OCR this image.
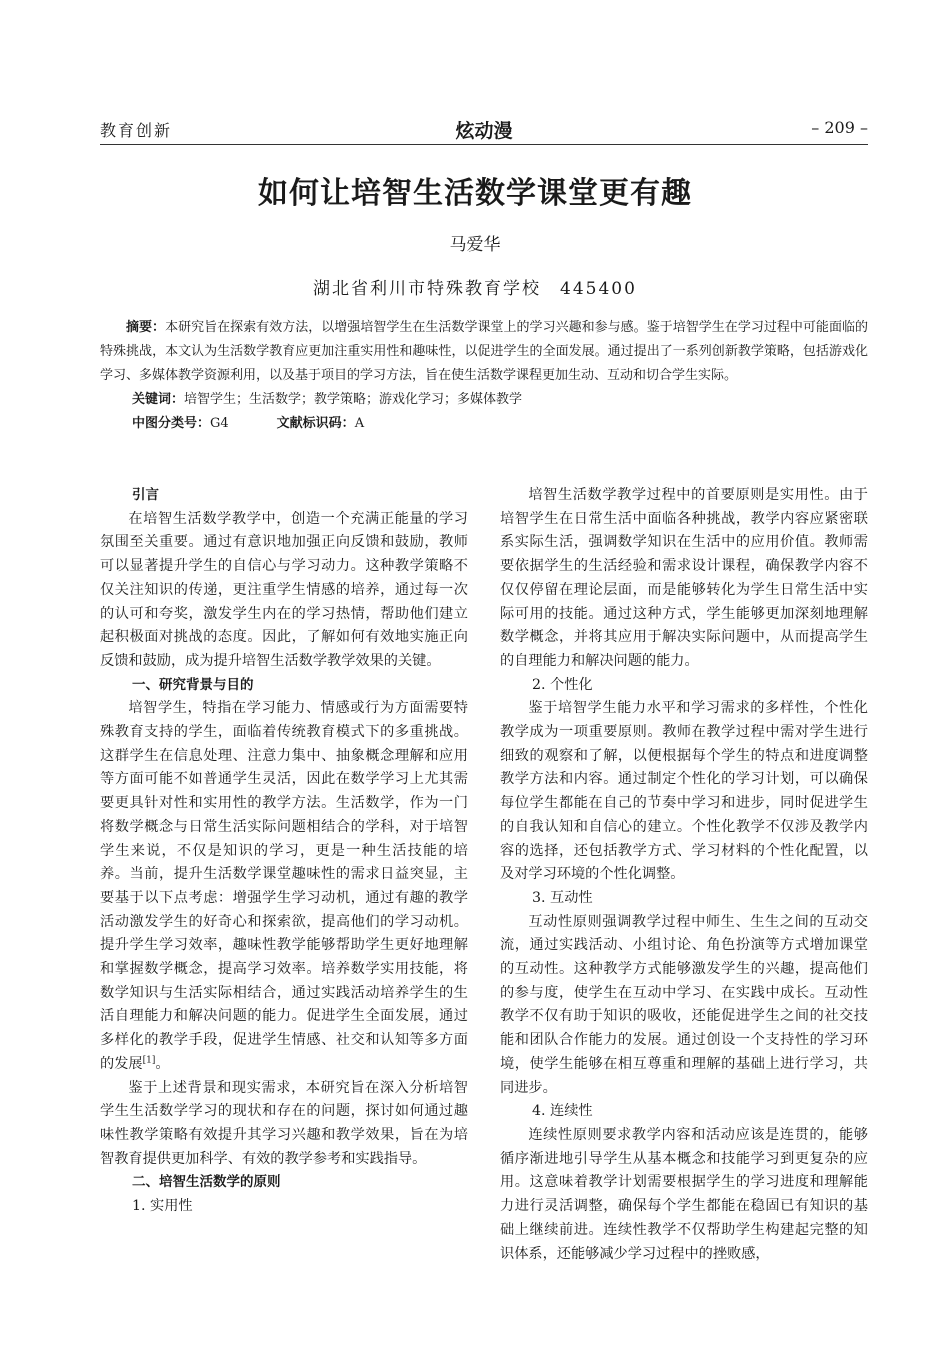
教育创新	炫动漫	– 209 –
如何让培智生活数学课堂更有趣
马爱华
湖北省利川市特殊教育学校　445400

摘要：本研究旨在探索有效方法，以增强培智学生在生活数学课堂上的学习兴趣和参与感。鉴于培智学生在学习过程中可能面临的特殊挑战，本文认为生活数学教育应更加注重实用性和趣味性，以促进学生的全面发展。通过提出了一系列创新教学策略，包括游戏化学习、多媒体教学资源利用，以及基于项目的学习方法，旨在使生活数学课程更加生动、互动和切合学生实际。

关键词：培智学生；生活数学；教学策略；游戏化学习；多媒体教学
中图分类号：G4	文献标识码：A
引言

在培智生活数学教学中，创造一个充满正能量的学习氛围至关重要。通过有意识地加强正向反馈和鼓励，教师可以显著提升学生的自信心与学习动力。这种教学策略不仅关注知识的传递，更注重学生情感的培养，通过每一次的认可和夸奖，激发学生内在的学习热情，帮助他们建立起积极面对挑战的态度。因此，了解如何有效地实施正向反馈和鼓励，成为提升培智生活数学教学效果的关键。

一、研究背景与目的

培智学生，特指在学习能力、情感或行为方面需要特殊教育支持的学生，面临着传统教育模式下的多重挑战。这群学生在信息处理、注意力集中、抽象概念理解和应用等方面可能不如普通学生灵活，因此在数学学习上尤其需要更具针对性和实用性的教学方法。生活数学，作为一门将数学概念与日常生活实际问题相结合的学科，对于培智学生来说，不仅是知识的学习，更是一种生活技能的培养。当前，提升生活数学课堂趣味性的需求日益突显，主要基于以下点考虑：增强学生学习动机，通过有趣的教学活动激发学生的好奇心和探索欲，提高他们的学习动机。提升学生学习效率，趣味性教学能够帮助学生更好地理解和掌握数学概念，提高学习效率。培养数学实用技能，将数学知识与生活实际相结合，通过实践活动培养学生的生活自理能力和解决问题的能力。促进学生全面发展，通过多样化的教学手段，促进学生情感、社交和认知等多方面的发展[1]。

鉴于上述背景和现实需求，本研究旨在深入分析培智学生生活数学学习的现状和存在的问题，探讨如何通过趣味性教学策略有效提升其学习兴趣和教学效果，旨在为培智教育提供更加科学、有效的教学参考和实践指导。

二、培智生活数学的原则
1. 实用性

培智生活数学教学过程中的首要原则是实用性。由于培智学生在日常生活中面临各种挑战，教学内容应紧密联系实际生活，强调数学知识在生活中的应用价值。教师需要依据学生的生活经验和需求设计课程，确保教学内容不仅仅停留在理论层面，而是能够转化为学生日常生活中实际可用的技能。通过这种方式，学生能够更加深刻地理解数学概念，并将其应用于解决实际问题中，从而提高学生的自理能力和解决问题的能力。

2. 个性化

鉴于培智学生能力水平和学习需求的多样性，个性化教学成为一项重要原则。教师在教学过程中需对学生进行细致的观察和了解，以便根据每个学生的特点和进度调整教学方法和内容。通过制定个性化的学习计划，可以确保每位学生都能在自己的节奏中学习和进步，同时促进学生的自我认知和自信心的建立。个性化教学不仅涉及教学内容的选择，还包括教学方式、学习材料的个性化配置，以及对学习环境的个性化调整。

3. 互动性

互动性原则强调教学过程中师生、生生之间的互动交流，通过实践活动、小组讨论、角色扮演等方式增加课堂的互动性。这种教学方式能够激发学生的兴趣，提高他们的参与度，使学生在互动中学习、在实践中成长。互动性教学不仅有助于知识的吸收，还能促进学生之间的社交技能和团队合作能力的发展。通过创设一个支持性的学习环境，使学生能够在相互尊重和理解的基础上进行学习，共同进步。

4. 连续性

连续性原则要求教学内容和活动应该是连贯的，能够循序渐进地引导学生从基本概念和技能学习到更复杂的应用。这意味着教学计划需要根据学生的学习进度和理解能力进行灵活调整，确保每个学生都能在稳固已有知识的基础上继续前进。连续性教学不仅帮助学生构建起完整的知识体系，还能够减少学习过程中的挫败感，
